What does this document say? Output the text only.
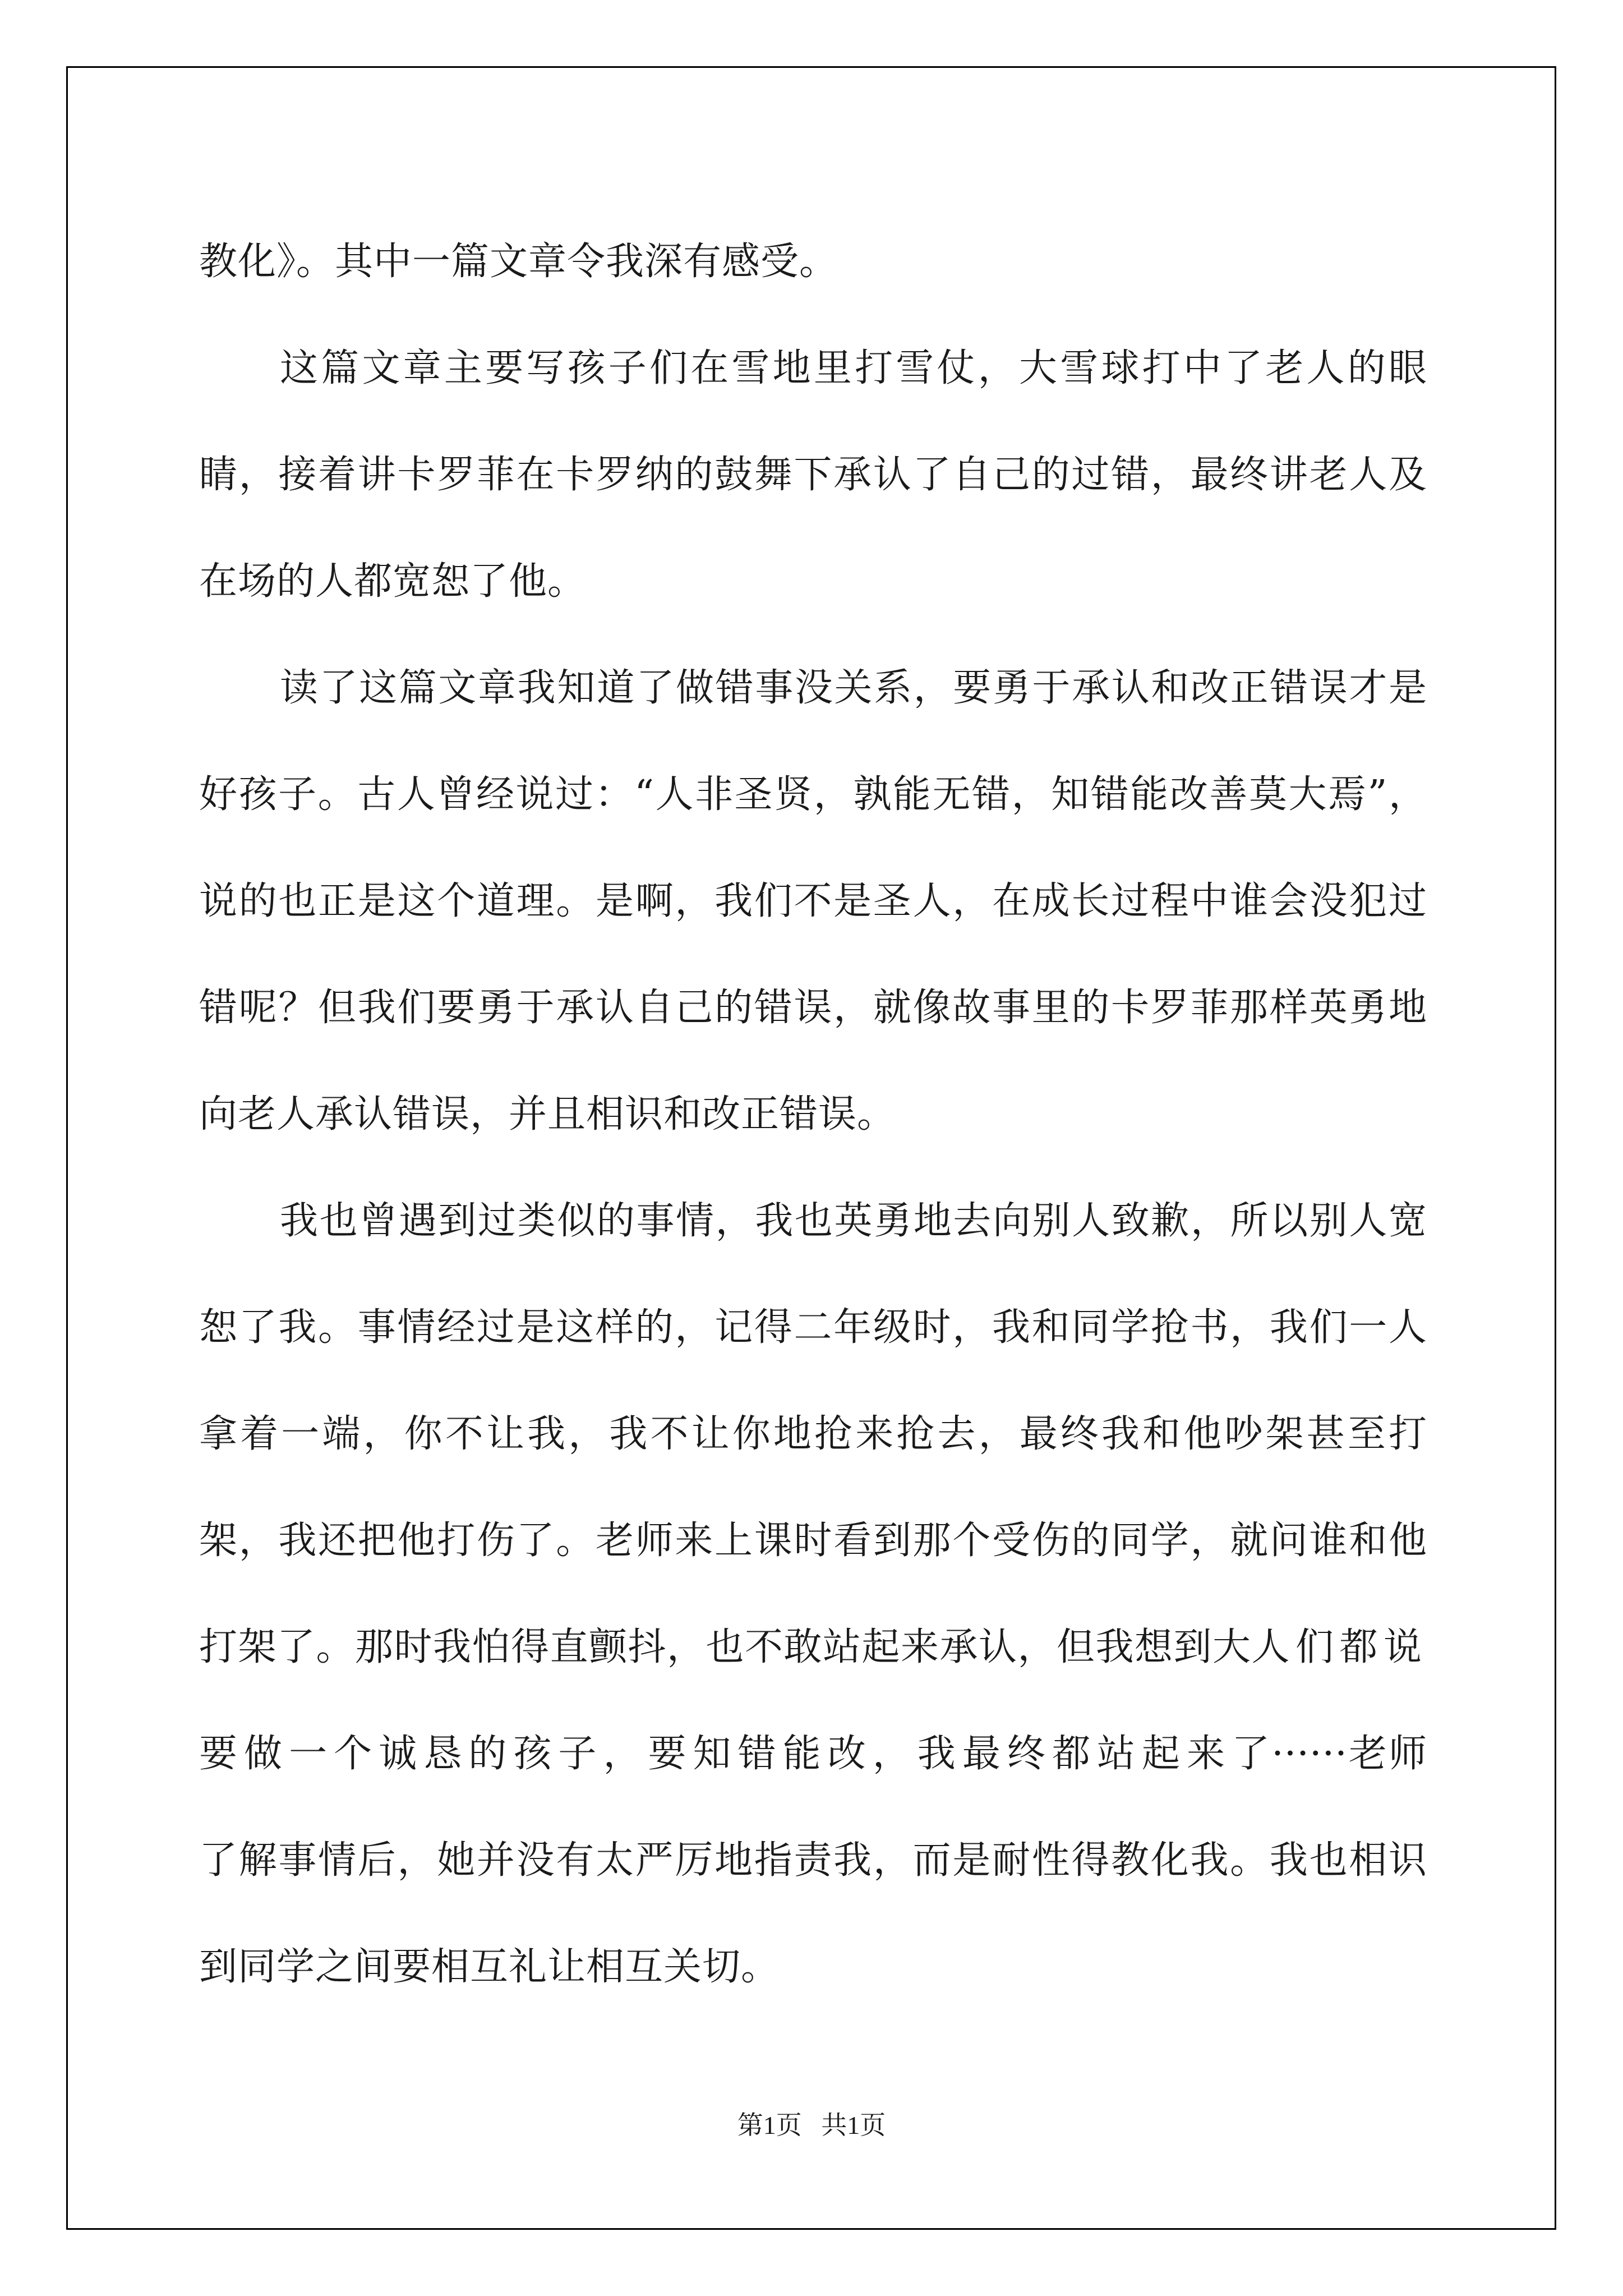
教化》。其中一篇文章令我深有感受。

这篇文章主要写孩子们在雪地里打雪仗，大雪球打中了老人的眼睛，接着讲卡罗菲在卡罗纳的鼓舞下承认了自己的过错，最终讲老人及在场的人都宽恕了他。

读了这篇文章我知道了做错事没关系，要勇于承认和改正错误才是好孩子。古人曾经说过：“人非圣贤，孰能无错，知错能改善莫大焉”，说的也正是这个道理。是啊，我们不是圣人，在成长过程中谁会没犯过错呢？但我们要勇于承认自己的错误，就像故事里的卡罗菲那样英勇地向老人承认错误，并且相识和改正错误。

我也曾遇到过类似的事情，我也英勇地去向别人致歉，所以别人宽恕了我。事情经过是这样的，记得二年级时，我和同学抢书，我们一人拿着一端，你不让我，我不让你地抢来抢去，最终我和他吵架甚至打架，我还把他打伤了。老师来上课时看到那个受伤的同学，就问谁和他打架了。那时我怕得直颤抖，也不敢站起来承认，但我想到大人们都说要做一个诚恳的孩子，要知错能改，我最终都站起来了······老师了解事情后，她并没有太严厉地指责我，而是耐性得教化我。我也相识到同学之间要相互礼让相互关切。

第1页   共1页
